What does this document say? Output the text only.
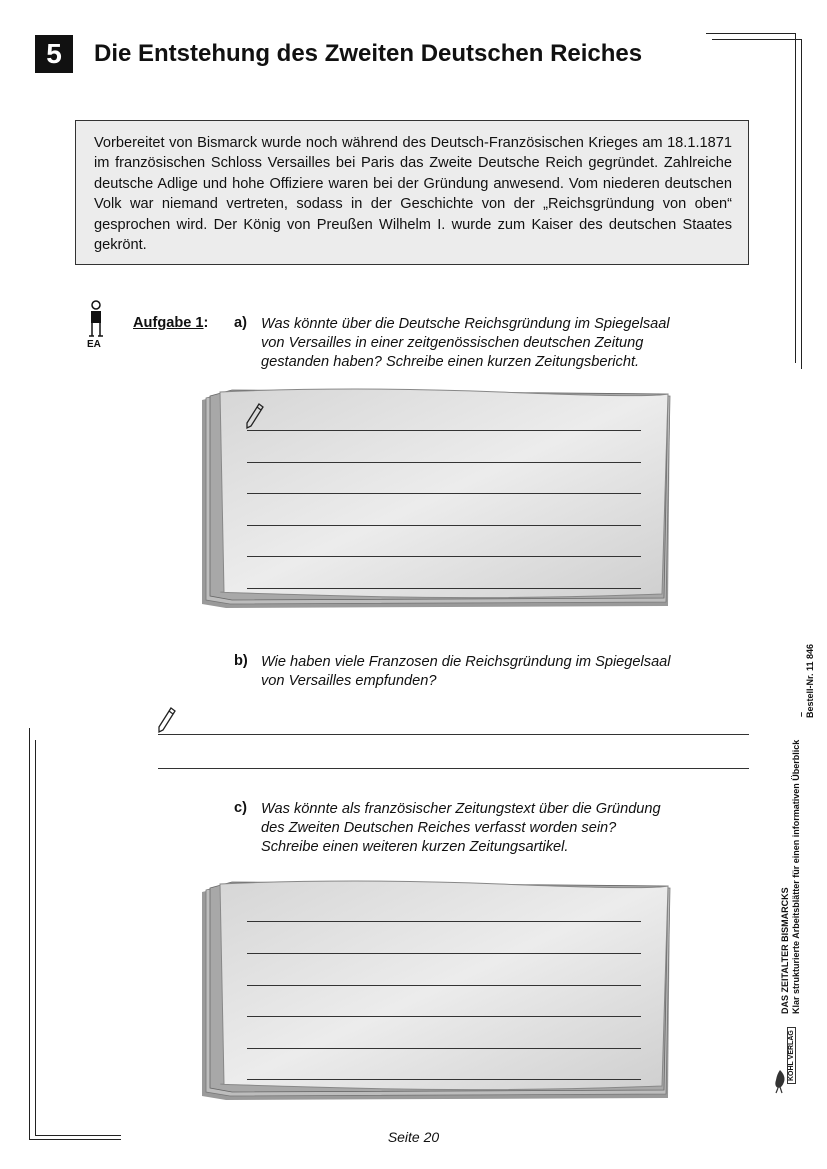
5	Die Entstehung des Zweiten Deutschen Reiches
Vorbereitet von Bismarck wurde noch während des Deutsch-Französischen Krieges am 18.1.1871 im französischen Schloss Versailles bei Paris das Zweite Deutsche Reich gegründet. Zahlreiche deutsche Adlige und hohe Offiziere waren bei der Gründung anwesend. Vom niederen deutschen Volk war niemand vertreten, sodass in der Geschichte von der „Reichsgründung von oben“ gesprochen wird. Der König von Preußen Wilhelm I. wurde zum Kaiser des deutschen Staates gekrönt.
EA
Aufgabe 1: a) Was könnte über die Deutsche Reichsgründung im Spiegelsaal
von Versailles in einer zeitgenössischen deutschen Zeitung
gestanden haben? Schreibe einen kurzen Zeitungsbericht.
b) Wie haben viele Franzosen die Reichsgründung im Spiegelsaal
von Versailles empfunden?
c) Was könnte als französischer Zeitungstext über die Gründung
des Zweiten Deutschen Reiches verfasst worden sein?
Schreibe einen weiteren kurzen Zeitungsartikel.
Bestell-Nr. 11 846
–
DAS ZEITALTER BISMARCKS Klar strukturierte Arbeitsblätter für einen informativen Überblick
KOHL VERLAG
Seite 20
